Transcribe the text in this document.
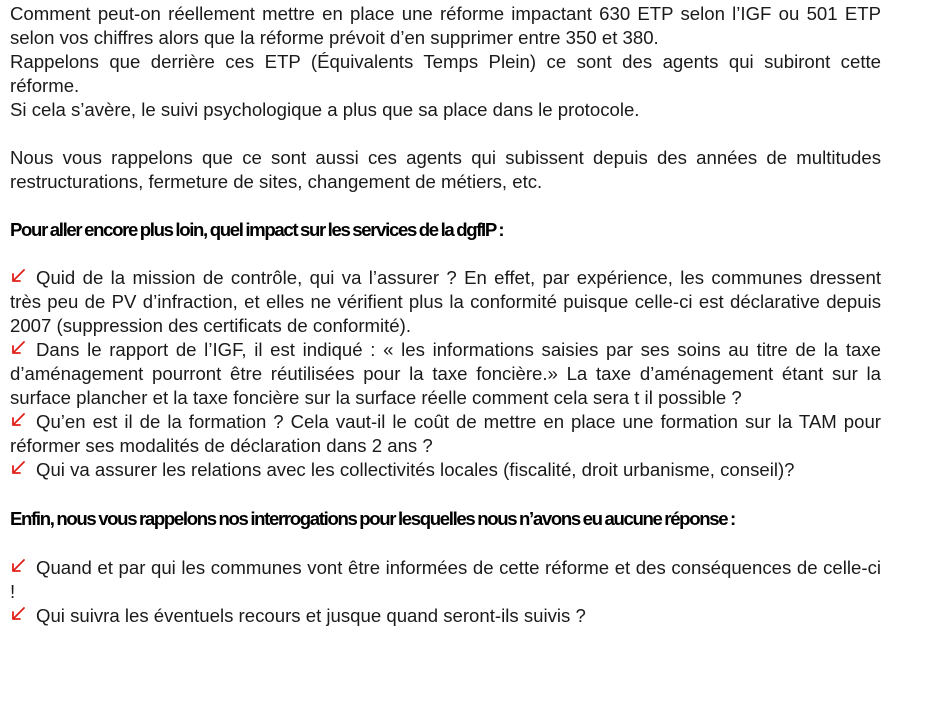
Comment peut-on réellement mettre en place une réforme impactant 630 ETP selon l’IGF ou 501 ETP selon vos chiffres alors que la réforme prévoit d’en supprimer entre 350 et 380.

Rappelons que derrière ces ETP (Équivalents Temps Plein) ce sont des agents qui subiront cette réforme.

Si cela s’avère, le suivi psychologique a plus que sa place dans le protocole.

Nous vous rappelons que ce sont aussi ces agents qui subissent depuis des années de multitudes restructurations, fermeture de sites, changement de métiers, etc.

Pour aller encore plus loin, quel impact sur les services de la dgfIP :

Quid de la mission de contrôle, qui va l’assurer ? En effet, par expérience, les communes dressent très peu de PV d’infraction, et elles ne vérifient plus la conformité puisque celle-ci est déclarative depuis 2007 (suppression des certificats de conformité).

Dans le rapport de l’IGF, il est indiqué : « les informations saisies par ses soins au titre de la taxe d’aménagement pourront être réutilisées pour la taxe foncière.» La taxe d’aménagement étant sur la surface plancher et la taxe foncière sur la surface réelle comment cela sera t il possible ?

Qu’en est il de la formation ? Cela vaut-il le coût de mettre en place une formation sur la TAM pour réformer ses modalités de déclaration dans 2 ans ?

Qui va assurer les relations avec les collectivités locales (fiscalité, droit urbanisme, conseil)?

Enfin, nous vous rappelons nos interrogations pour lesquelles nous n’avons eu aucune réponse :

Quand et par qui les communes vont être informées de cette réforme et des conséquences de celle-ci !

Qui suivra les éventuels recours et jusque quand seront-ils suivis ?
